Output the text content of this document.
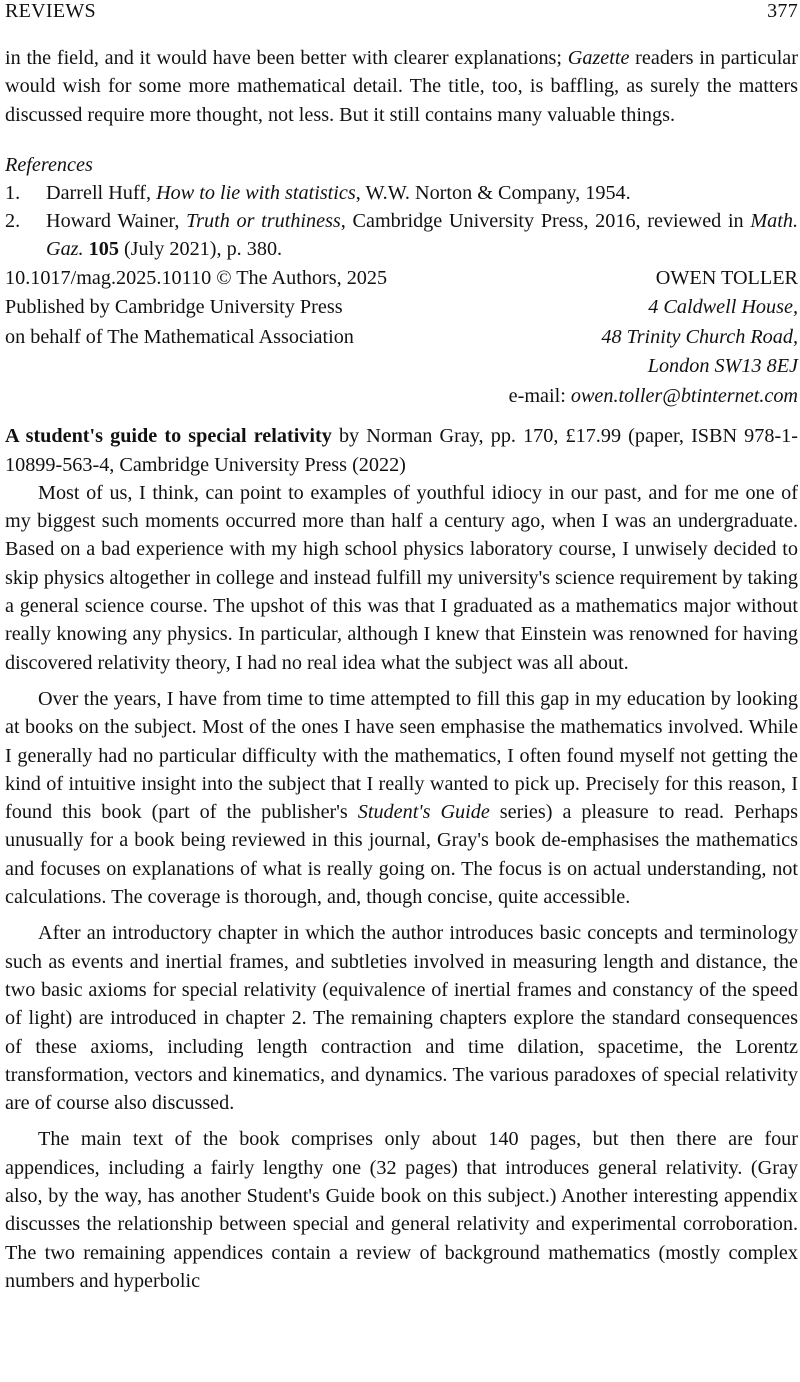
REVIEWS	377

in the field, and it would have been better with clearer explanations; Gazette readers in particular would wish for some more mathematical detail. The title, too, is baffling, as surely the matters discussed require more thought, not less. But it still contains many valuable things.

References
1.	Darrell Huff, How to lie with statistics, W.W. Norton & Company, 1954.
2.	Howard Wainer, Truth or truthiness, Cambridge University Press, 2016, reviewed in Math. Gaz. 105 (July 2021), p. 380.
10.1017/mag.2025.10110 © The Authors, 2025	OWEN TOLLER
Published by Cambridge University Press	4 Caldwell House,
on behalf of The Mathematical Association	48 Trinity Church Road,
London SW13 8EJ
e-mail: owen.toller@btinternet.com

A student's guide to special relativity by Norman Gray, pp. 170, £17.99 (paper, ISBN 978-1-10899-563-4, Cambridge University Press (2022)

Most of us, I think, can point to examples of youthful idiocy in our past, and for me one of my biggest such moments occurred more than half a century ago, when I was an undergraduate. Based on a bad experience with my high school physics laboratory course, I unwisely decided to skip physics altogether in college and instead fulfill my university's science requirement by taking a general science course. The upshot of this was that I graduated as a mathematics major without really knowing any physics. In particular, although I knew that Einstein was renowned for having discovered relativity theory, I had no real idea what the subject was all about.

Over the years, I have from time to time attempted to fill this gap in my education by looking at books on the subject. Most of the ones I have seen emphasise the mathematics involved. While I generally had no particular difficulty with the mathematics, I often found myself not getting the kind of intuitive insight into the subject that I really wanted to pick up. Precisely for this reason, I found this book (part of the publisher's Student's Guide series) a pleasure to read. Perhaps unusually for a book being reviewed in this journal, Gray's book de-emphasises the mathematics and focuses on explanations of what is really going on. The focus is on actual understanding, not calculations. The coverage is thorough, and, though concise, quite accessible.

After an introductory chapter in which the author introduces basic concepts and terminology such as events and inertial frames, and subtleties involved in measuring length and distance, the two basic axioms for special relativity (equivalence of inertial frames and constancy of the speed of light) are introduced in chapter 2. The remaining chapters explore the standard consequences of these axioms, including length contraction and time dilation, spacetime, the Lorentz transformation, vectors and kinematics, and dynamics. The various paradoxes of special relativity are of course also discussed.

The main text of the book comprises only about 140 pages, but then there are four appendices, including a fairly lengthy one (32 pages) that introduces general relativity. (Gray also, by the way, has another Student's Guide book on this subject.) Another interesting appendix discusses the relationship between special and general relativity and experimental corroboration. The two remaining appendices contain a review of background mathematics (mostly complex numbers and hyperbolic
